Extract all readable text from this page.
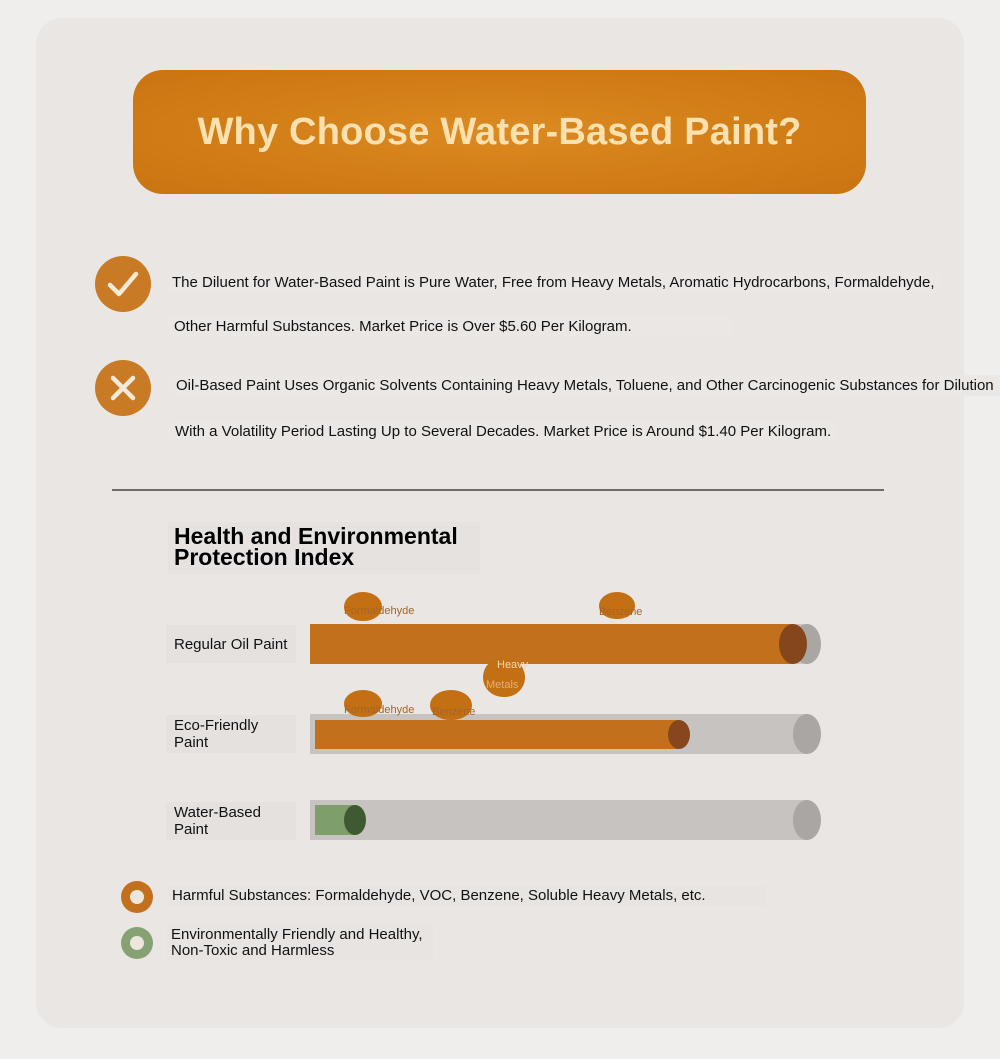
Why Choose Water-Based Paint?
The Diluent for Water-Based Paint is Pure Water, Free from Heavy Metals, Aromatic Hydrocarbons, Formaldehyde,
Other Harmful Substances. Market Price is Over $5.60 Per Kilogram.
Oil-Based Paint Uses Organic Solvents Containing Heavy Metals, Toluene, and Other Carcinogenic Substances for Dilution
With a Volatility Period Lasting Up to Several Decades. Market Price is Around $1.40 Per Kilogram.
Health and Environmental
Protection Index
Regular Oil Paint
Eco-Friendly Paint
Water-Based Paint
Formaldehyde	Benzene
Heavy
Metals
Formaldehyde Benzene
Harmful Substances: Formaldehyde, VOC, Benzene, Soluble Heavy Metals, etc.
Environmentally Friendly and Healthy,
Non-Toxic and Harmless
